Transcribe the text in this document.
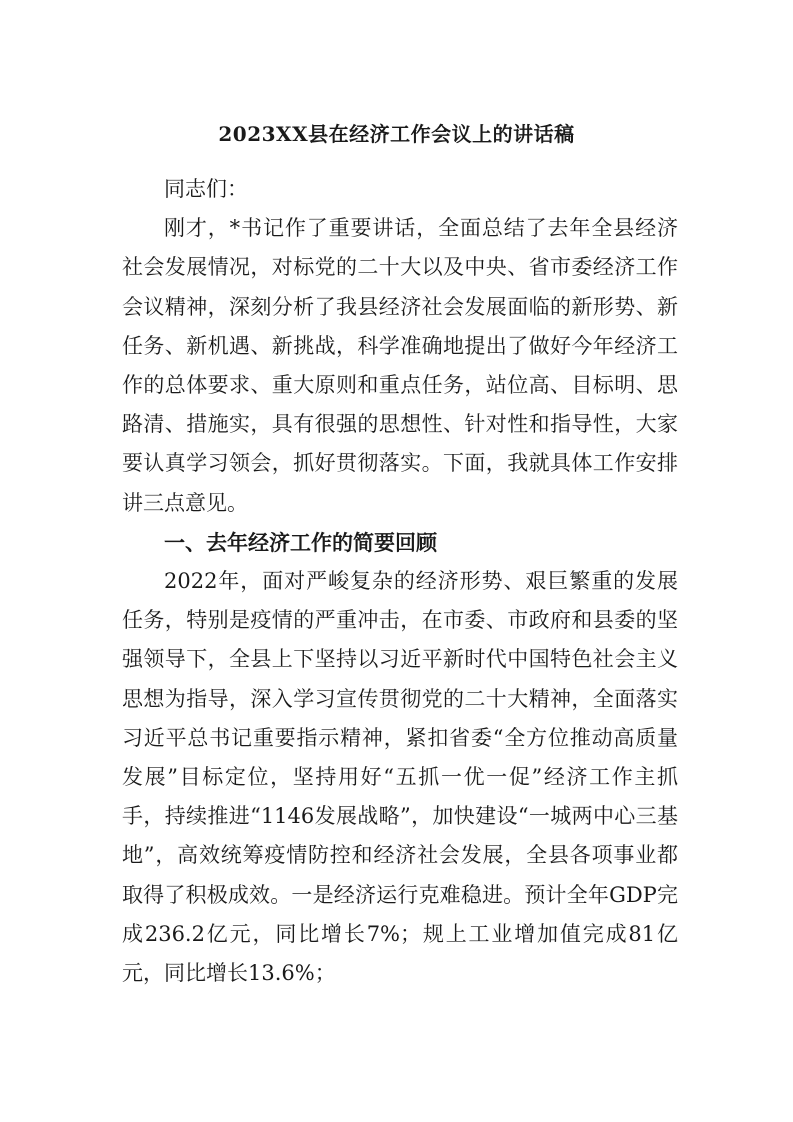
2023XX县在经济工作会议上的讲话稿

同志们：

刚才，*书记作了重要讲话，全面总结了去年全县经济社会发展情况，对标党的二十大以及中央、省市委经济工作会议精神，深刻分析了我县经济社会发展面临的新形势、新任务、新机遇、新挑战，科学准确地提出了做好今年经济工作的总体要求、重大原则和重点任务，站位高、目标明、思路清、措施实，具有很强的思想性、针对性和指导性，大家要认真学习领会，抓好贯彻落实。下面，我就具体工作安排讲三点意见。

一、去年经济工作的简要回顾

2022年，面对严峻复杂的经济形势、艰巨繁重的发展任务，特别是疫情的严重冲击，在市委、市政府和县委的坚强领导下，全县上下坚持以习近平新时代中国特色社会主义思想为指导，深入学习宣传贯彻党的二十大精神，全面落实习近平总书记重要指示精神，紧扣省委“全方位推动高质量发展”目标定位，坚持用好“五抓一优一促”经济工作主抓手，持续推进“1146发展战略”，加快建设“一城两中心三基地”，高效统筹疫情防控和经济社会发展，全县各项事业都取得了积极成效。一是经济运行克难稳进。预计全年GDP完成236.2亿元，同比增长7%；规上工业增加值完成81亿元，同比增长13.6%；
